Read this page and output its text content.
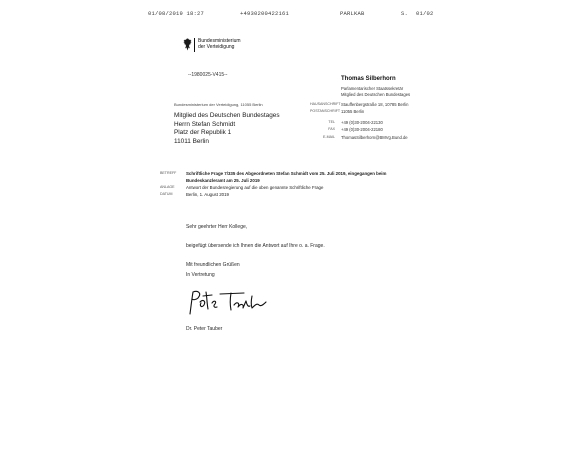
01/08/2019 18:27	+4930200422161	PARLKAB	S. 01/02
Bundesministerium
der Verteidigung
--1980025-V415--
Thomas Silberhorn
Parlamentarischer Staatssekretär
Mitglied des Deutschen Bundestages
Bundesministerium der Verteidigung, 11055 Berlin
Mitglied des Deutschen Bundestages
Herrn Stefan Schmidt
Platz der Republik 1
11011 Berlin
HAUSANSCHRIFT Stauffenbergstraße 18, 10785 Berlin
POSTANSCHRIFT 11055 Berlin
TEL +49 (0)30-2004-22130
FAX +49 (0)30-2004-22180
E-MAIL ThomasSilberhorn@BMVg.Bund.de
BETREFF Schriftliche Frage 7/335 des Abgeordneten Stefan Schmidt vom 25. Juli 2019, eingegangen beim
Bundeskanzleramt am 25. Juli 2019
ANLAGE	Antwort der Bundesregierung auf die oben genannte Schriftliche Frage
DATUM	Berlin, 1. August 2019
Sehr geehrter Herr Kollege,
beigefügt übersende ich Ihnen die Antwort auf Ihre o. a. Frage.
Mit freundlichen Grüßen
In Vertretung
Dr. Peter Tauber
